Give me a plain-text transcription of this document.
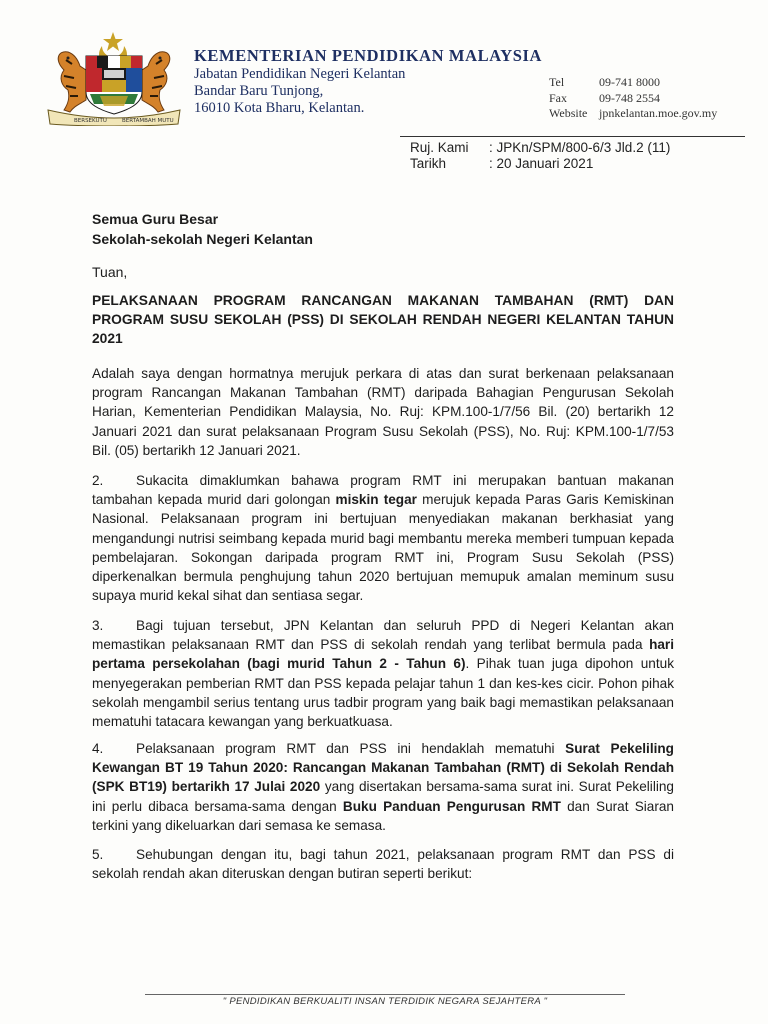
BERSEKUTU	BERTAMBAH MUTU
KEMENTERIAN PENDIDIKAN MALAYSIA
Jabatan Pendidikan Negeri Kelantan
Bandar Baru Tunjong,
16010 Kota Bharu, Kelantan.
Tel	09-741 8000
Fax	09-748 2554
Website jpnkelantan.moe.gov.my
Ruj. Kami : JPKn/SPM/800-6/3 Jld.2 (11)
Tarikh	: 20 Januari 2021
Semua Guru Besar
Sekolah-sekolah Negeri Kelantan
Tuan,
PELAKSANAAN PROGRAM RANCANGAN MAKANAN TAMBAHAN (RMT) DAN PROGRAM SUSU SEKOLAH (PSS) DI SEKOLAH RENDAH NEGERI KELANTAN TAHUN 2021
Adalah saya dengan hormatnya merujuk perkara di atas dan surat berkenaan pelaksanaan program Rancangan Makanan Tambahan (RMT) daripada Bahagian Pengurusan Sekolah Harian, Kementerian Pendidikan Malaysia, No. Ruj: KPM.100-1/7/56 Bil. (20) bertarikh 12 Januari 2021 dan surat pelaksanaan Program Susu Sekolah (PSS), No. Ruj: KPM.100-1/7/53 Bil. (05) bertarikh 12 Januari 2021.
2. Sukacita dimaklumkan bahawa program RMT ini merupakan bantuan makanan tambahan kepada murid dari golongan miskin tegar merujuk kepada Paras Garis Kemiskinan Nasional. Pelaksanaan program ini bertujuan menyediakan makanan berkhasiat yang mengandungi nutrisi seimbang kepada murid bagi membantu mereka memberi tumpuan kepada pembelajaran. Sokongan daripada program RMT ini, Program Susu Sekolah (PSS) diperkenalkan bermula penghujung tahun 2020 bertujuan memupuk amalan meminum susu supaya murid kekal sihat dan sentiasa segar.
3. Bagi tujuan tersebut, JPN Kelantan dan seluruh PPD di Negeri Kelantan akan memastikan pelaksanaan RMT dan PSS di sekolah rendah yang terlibat bermula pada hari pertama persekolahan (bagi murid Tahun 2 - Tahun 6). Pihak tuan juga dipohon untuk menyegerakan pemberian RMT dan PSS kepada pelajar tahun 1 dan kes-kes cicir. Pohon pihak sekolah mengambil serius tentang urus tadbir program yang baik bagi memastikan pelaksanaan mematuhi tatacara kewangan yang berkuatkuasa.
4. Pelaksanaan program RMT dan PSS ini hendaklah mematuhi Surat Pekeliling Kewangan BT 19 Tahun 2020: Rancangan Makanan Tambahan (RMT) di Sekolah Rendah (SPK BT19) bertarikh 17 Julai 2020 yang disertakan bersama-sama surat ini. Surat Pekeliling ini perlu dibaca bersama-sama dengan Buku Panduan Pengurusan RMT dan Surat Siaran terkini yang dikeluarkan dari semasa ke semasa.
5. Sehubungan dengan itu, bagi tahun 2021, pelaksanaan program RMT dan PSS di sekolah rendah akan diteruskan dengan butiran seperti berikut:
" PENDIDIKAN BERKUALITI INSAN TERDIDIK NEGARA SEJAHTERA "
